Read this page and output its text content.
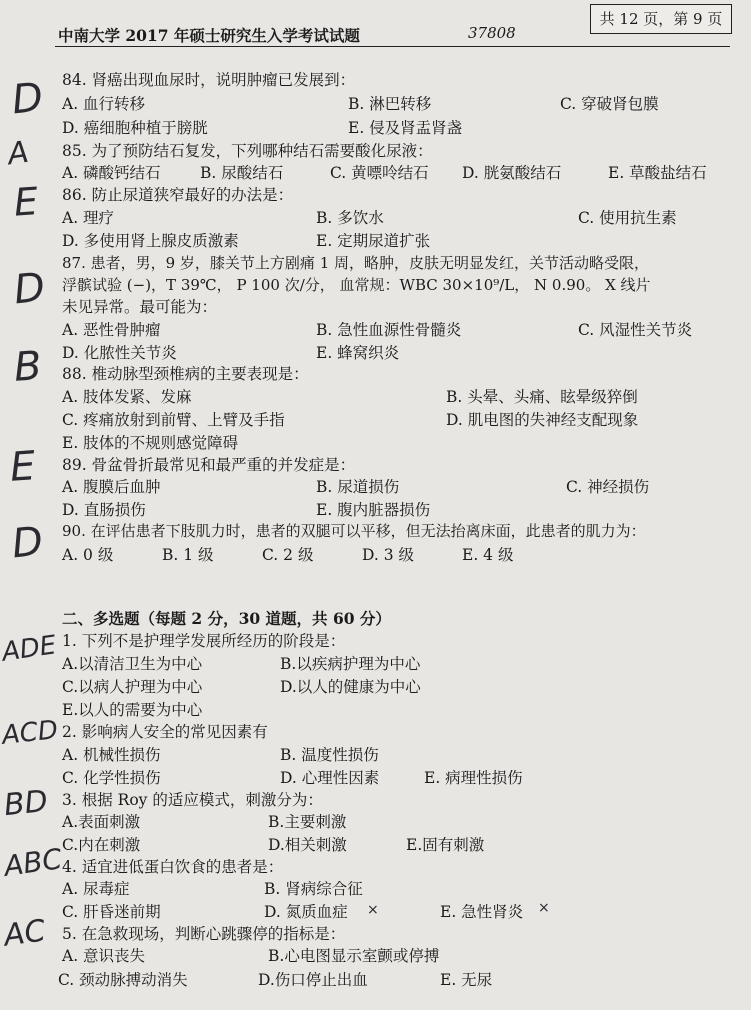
中南大学 2017 年硕士研究生入学考试试题	37808
共 12 页，第 9 页
84. 肾癌出现血尿时，说明肿瘤已发展到：
A. 血行转移	B. 淋巴转移	C. 穿破肾包膜
D. 癌细胞种植于膀胱	E. 侵及肾盂肾盏
85. 为了预防结石复发，下列哪种结石需要酸化尿液：
A. 磷酸钙结石	B. 尿酸结石	C. 黄嘌呤结石 D. 胱氨酸结石	E. 草酸盐结石
86. 防止尿道狭窄最好的办法是：
A. 理疗	B. 多饮水	C. 使用抗生素
D. 多使用肾上腺皮质激素	E. 定期尿道扩张
87. 患者，男，9 岁，膝关节上方剧痛 1 周，略肿，皮肤无明显发红，关节活动略受限，
浮髌试验 (−)，T 39℃， P 100 次/分， 血常规：WBC 30×10⁹/L， N 0.90。 X 线片
未见异常。最可能为：
A. 恶性骨肿瘤	B. 急性血源性骨髓炎	C. 风湿性关节炎
D. 化脓性关节炎	E. 蜂窝织炎
88. 椎动脉型颈椎病的主要表现是：
A. 肢体发紧、发麻	B. 头晕、头痛、眩晕级猝倒
C. 疼痛放射到前臂、上臂及手指	D. 肌电图的失神经支配现象
E. 肢体的不规则感觉障碍
89. 骨盆骨折最常见和最严重的并发症是：
A. 腹膜后血肿	B. 尿道损伤	C. 神经损伤
D. 直肠损伤	E. 腹内脏器损伤
90. 在评估患者下肢肌力时，患者的双腿可以平移，但无法抬离床面，此患者的肌力为：
A. 0 级	B. 1 级	C. 2 级	D. 3 级	E. 4 级
二、多选题（每题 2 分，30 道题，共 60 分）
1. 下列不是护理学发展所经历的阶段是：
A.以清洁卫生为中心	B.以疾病护理为中心
C.以病人护理为中心	D.以人的健康为中心
E.以人的需要为中心
2. 影响病人安全的常见因素有
A. 机械性损伤	B. 温度性损伤
C. 化学性损伤	D. 心理性因素	E. 病理性损伤
3. 根据 Roy 的适应模式，刺激分为：
A.表面刺激	B.主要刺激
C.内在刺激	D.相关刺激	E.固有刺激
4. 适宜进低蛋白饮食的患者是：
A. 尿毒症	B. 肾病综合征
C. 肝昏迷前期	D. 氮质血症 ×	E. 急性肾炎 ×
5. 在急救现场，判断心跳骤停的指标是：
A. 意识丧失	B.心电图显示室颤或停搏
C. 颈动脉搏动消失	D.伤口停止出血	E. 无尿
D
A
E
D
B
E
D
ADE
ACD
BD
ABC
AC
